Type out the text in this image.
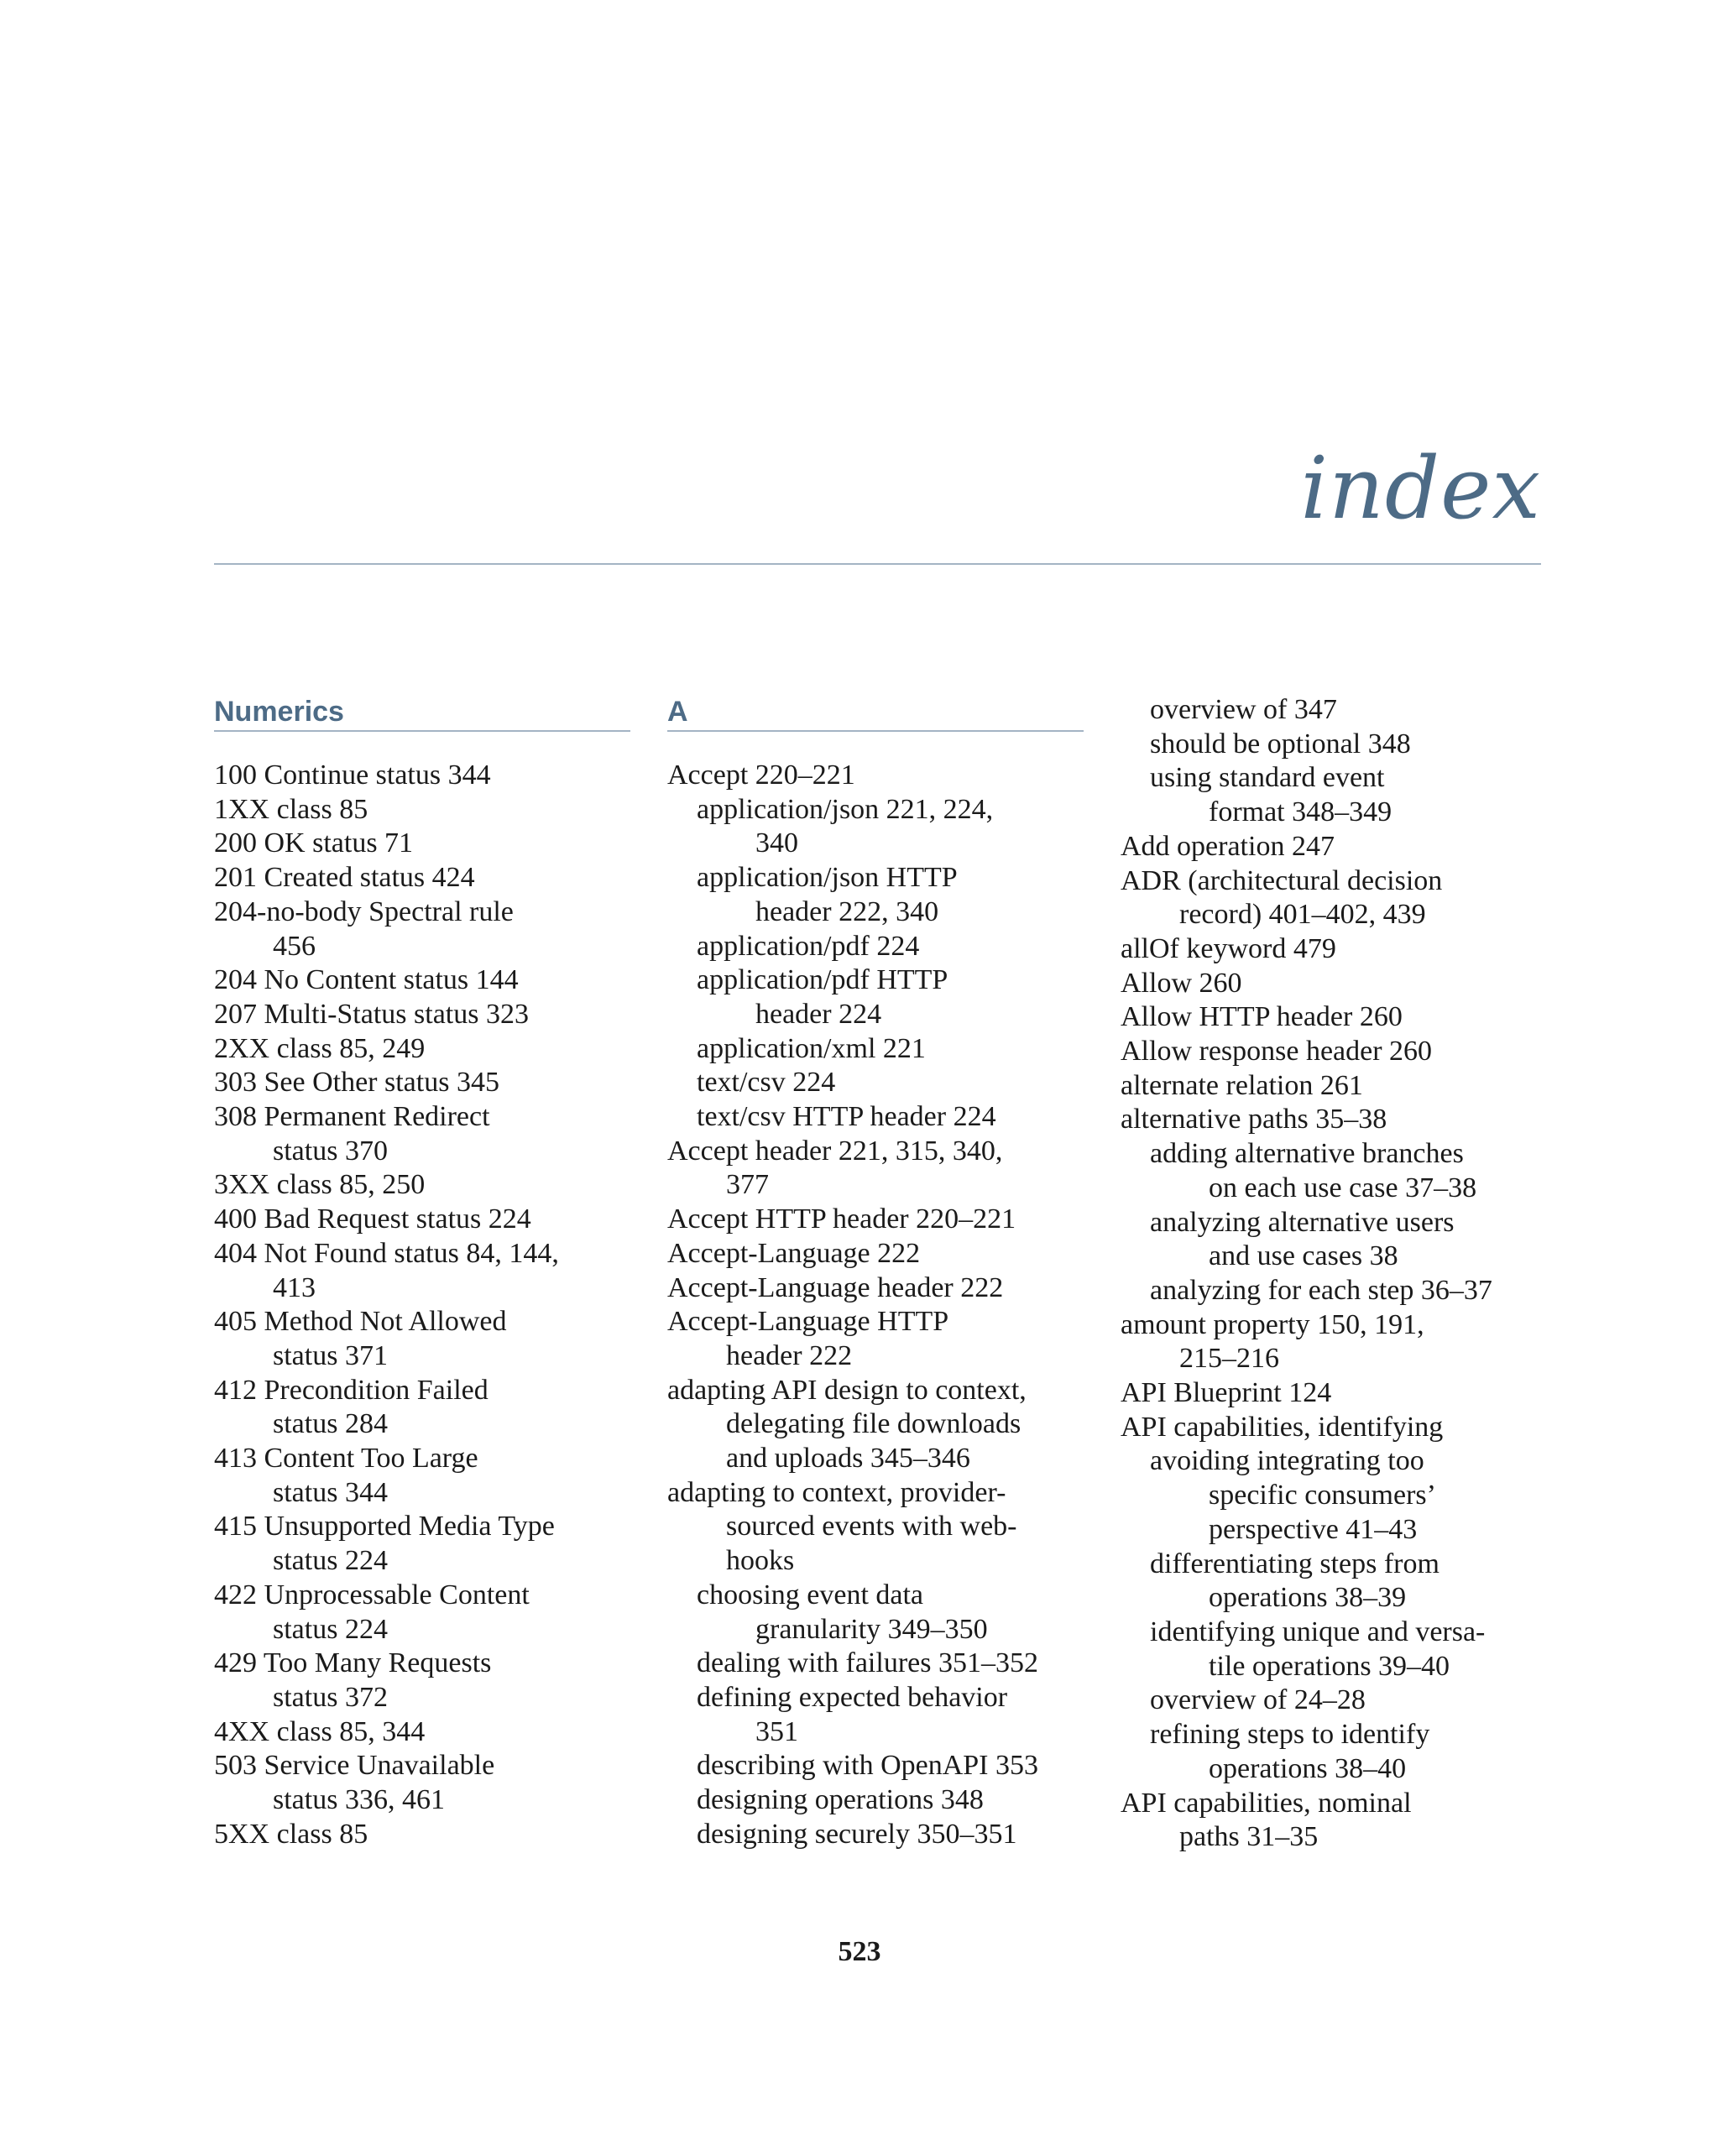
index
Numerics
100 Continue status 344
1XX class 85
200 OK status 71
201 Created status 424
204-no-body Spectral rule
456
204 No Content status 144
207 Multi-Status status 323
2XX class 85, 249
303 See Other status 345
308 Permanent Redirect
status 370
3XX class 85, 250
400 Bad Request status 224
404 Not Found status 84, 144,
413
405 Method Not Allowed
status 371
412 Precondition Failed
status 284
413 Content Too Large
status 344
415 Unsupported Media Type
status 224
422 Unprocessable Content
status 224
429 Too Many Requests
status 372
4XX class 85, 344
503 Service Unavailable
status 336, 461
5XX class 85
A
Accept 220–221
application/json 221, 224,
340
application/json HTTP
header 222, 340
application/pdf 224
application/pdf HTTP
header 224
application/xml 221
text/csv 224
text/csv HTTP header 224
Accept header 221, 315, 340,
377
Accept HTTP header 220–221
Accept-Language 222
Accept-Language header 222
Accept-Language HTTP
header 222
adapting API design to context,
delegating file downloads
and uploads 345–346
adapting to context, provider-
sourced events with web-
hooks
choosing event data
granularity 349–350
dealing with failures 351–352
defining expected behavior
351
describing with OpenAPI 353
designing operations 348
designing securely 350–351
overview of 347
should be optional 348
using standard event
format 348–349
Add operation 247
ADR (architectural decision
record) 401–402, 439
allOf keyword 479
Allow 260
Allow HTTP header 260
Allow response header 260
alternate relation 261
alternative paths 35–38
adding alternative branches
on each use case 37–38
analyzing alternative users
and use cases 38
analyzing for each step 36–37
amount property 150, 191,
215–216
API Blueprint 124
API capabilities, identifying
avoiding integrating too
specific consumers’
perspective 41–43
differentiating steps from
operations 38–39
identifying unique and versa-
tile operations 39–40
overview of 24–28
refining steps to identify
operations 38–40
API capabilities, nominal
paths 31–35
523
